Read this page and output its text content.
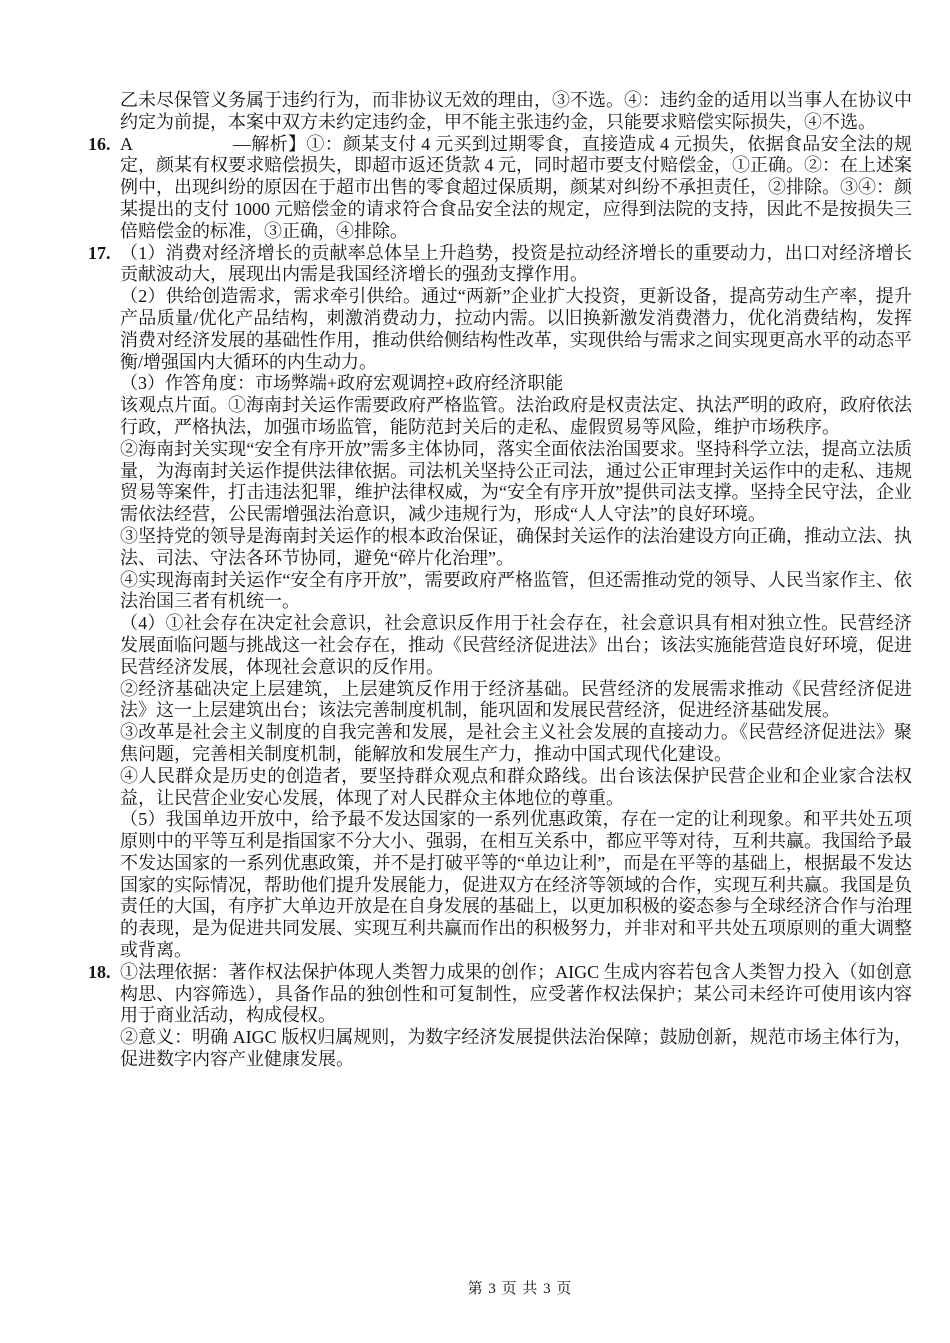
乙未尽保管义务属于违约行为，而非协议无效的理由，③不选。④：违约金的适用以当事人在协议中约定为前提，本案中双方未约定违约金，甲不能主张违约金，只能要求赔偿实际损失，④不选。

16. A	—解析】①：颜某支付 4 元买到过期零食，直接造成 4 元损失，依据食品安全法的规定，颜某有权要求赔偿损失，即超市返还货款 4 元，同时超市要支付赔偿金，①正确。②：在上述案例中，出现纠纷的原因在于超市出售的零食超过保质期，颜某对纠纷不承担责任，②排除。③④：颜某提出的支付 1000 元赔偿金的请求符合食品安全法的规定，应得到法院的支持，因此不是按损失三倍赔偿金的标准，③正确，④排除。

17. （1）消费对经济增长的贡献率总体呈上升趋势，投资是拉动经济增长的重要动力，出口对经济增长贡献波动大，展现出内需是我国经济增长的强劲支撑作用。

（2）供给创造需求，需求牵引供给。通过“两新”企业扩大投资，更新设备，提高劳动生产率，提升产品质量/优化产品结构，刺激消费动力，拉动内需。以旧换新激发消费潜力，优化消费结构，发挥消费对经济发展的基础性作用，推动供给侧结构性改革，实现供给与需求之间实现更高水平的动态平衡/增强国内大循环的内生动力。

（3）作答角度：市场弊端+政府宏观调控+政府经济职能

该观点片面。①海南封关运作需要政府严格监管。法治政府是权责法定、执法严明的政府，政府依法行政，严格执法，加强市场监管，能防范封关后的走私、虚假贸易等风险，维护市场秩序。

②海南封关实现“安全有序开放”需多主体协同，落实全面依法治国要求。坚持科学立法，提高立法质量，为海南封关运作提供法律依据。司法机关坚持公正司法，通过公正审理封关运作中的走私、违规贸易等案件，打击违法犯罪，维护法律权威，为“安全有序开放”提供司法支撑。坚持全民守法，企业需依法经营，公民需增强法治意识，减少违规行为，形成“人人守法”的良好环境。

③坚持党的领导是海南封关运作的根本政治保证，确保封关运作的法治建设方向正确，推动立法、执法、司法、守法各环节协同，避免“碎片化治理”。

④实现海南封关运作“安全有序开放”，需要政府严格监管，但还需推动党的领导、人民当家作主、依法治国三者有机统一。

（4）①社会存在决定社会意识，社会意识反作用于社会存在，社会意识具有相对独立性。民营经济发展面临问题与挑战这一社会存在，推动《民营经济促进法》出台；该法实施能营造良好环境，促进民营经济发展，体现社会意识的反作用。

②经济基础决定上层建筑，上层建筑反作用于经济基础。民营经济的发展需求推动《民营经济促进法》这一上层建筑出台；该法完善制度机制，能巩固和发展民营经济，促进经济基础发展。

③改革是社会主义制度的自我完善和发展，是社会主义社会发展的直接动力。《民营经济促进法》聚焦问题，完善相关制度机制，能解放和发展生产力，推动中国式现代化建设。

④人民群众是历史的创造者，要坚持群众观点和群众路线。出台该法保护民营企业和企业家合法权益，让民营企业安心发展，体现了对人民群众主体地位的尊重。

（5）我国单边开放中，给予最不发达国家的一系列优惠政策，存在一定的让利现象。和平共处五项原则中的平等互利是指国家不分大小、强弱，在相互关系中，都应平等对待，互利共赢。我国给予最不发达国家的一系列优惠政策，并不是打破平等的“单边让利”，而是在平等的基础上，根据最不发达国家的实际情况，帮助他们提升发展能力，促进双方在经济等领域的合作，实现互利共赢。我国是负责任的大国，有序扩大单边开放是在自身发展的基础上，以更加积极的姿态参与全球经济合作与治理的表现，是为促进共同发展、实现互利共赢而作出的积极努力，并非对和平共处五项原则的重大调整或背离。

18. ①法理依据：著作权法保护体现人类智力成果的创作；AIGC 生成内容若包含人类智力投入（如创意构思、内容筛选），具备作品的独创性和可复制性，应受著作权法保护；某公司未经许可使用该内容用于商业活动，构成侵权。

②意义：明确 AIGC 版权归属规则，为数字经济发展提供法治保障；鼓励创新，规范市场主体行为，促进数字内容产业健康发展。

第 3 页 共 3 页
